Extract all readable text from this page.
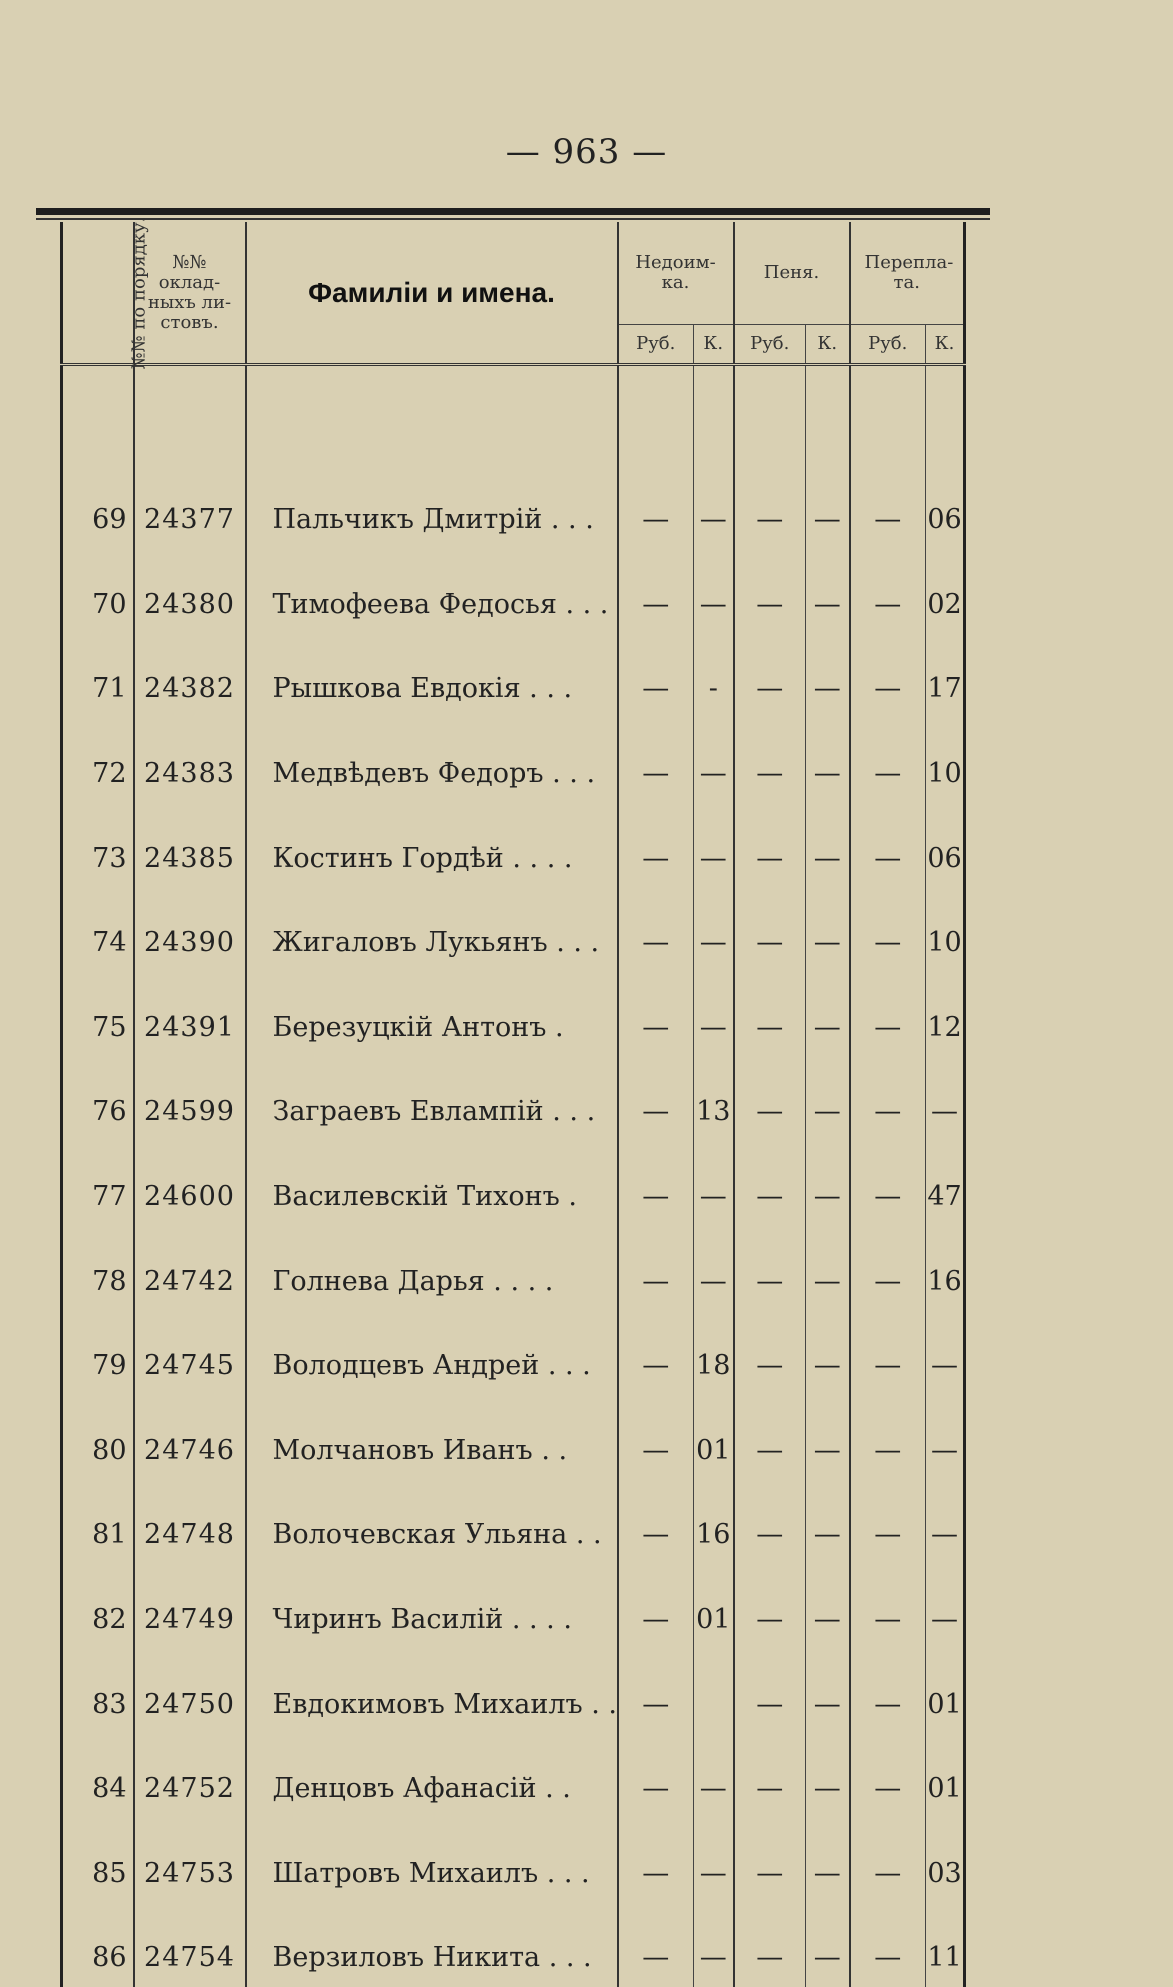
— 963 —
№№ по порядку.	№№ оклад-ныхъ ли-стовъ.	Фамиліи и имена.	Недоим-ка.		Пеня.		Перепла-та.	
			Руб.	К.	Руб.	К.	Руб.	К.

69	24377	Пальчикъ Дмитрій . . .	—	—	—	—	—	06
70	24380	Тимофеева Федосья . . .	—	—	—	—	—	02
71	24382	Рышкова Евдокія . . .	—	-	—	—	—	17
72	24383	Медвѣдевъ Федоръ . . .	—	—	—	—	—	10
73	24385	Костинъ Гордѣй . . . .	—	—	—	—	—	06
74	24390	Жигаловъ Лукьянъ . . .	—	—	—	—	—	10
75	24391	Березуцкій Антонъ .	—	—	—	—	—	12
76	24599	Заграевъ Евлампій . . .	—	13	—	—	—	—
77	24600	Василевскій Тихонъ .	—	—	—	—	—	47
78	24742	Голнева Дарья . . . .	—	—	—	—	—	16
79	24745	Володцевъ Андрей . . .	—	18	—	—	—	—
80	24746	Молчановъ Иванъ . .	—	01	—	—	—	—
81	24748	Волочевская Ульяна . .	—	16	—	—	—	—
82	24749	Чиринъ Василій . . . .	—	01	—	—	—	—
83	24750	Евдокимовъ Михаилъ . .	—		—	—	—	01
84	24752	Денцовъ Афанасій . .	—	—	—	—	—	01
85	24753	Шатровъ Михаилъ . . .	—	—	—	—	—	03
86	24754	Верзиловъ Никита . . .	—	—	—	—	—	11
